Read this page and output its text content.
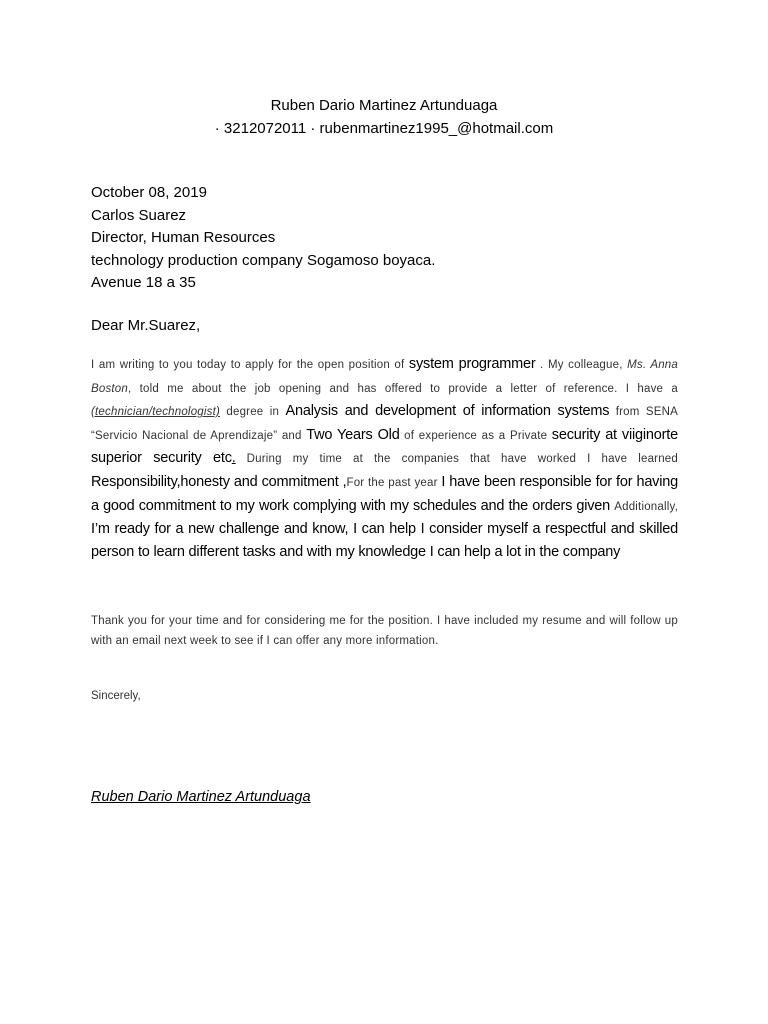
Ruben Dario Martinez Artunduaga
· 3212072011 · rubenmartinez1995_@hotmail.com
October 08, 2019
Carlos Suarez
Director, Human Resources
technology production company Sogamoso boyaca.
Avenue 18 a 35
Dear Mr.Suarez,
I am writing to you today to apply for the open position of system programmer . My colleague, Ms. Anna Boston, told me about the job opening and has offered to provide a letter of reference. I have a (technician/technologist) degree in Analysis and development of information systems from SENA “Servicio Nacional de Aprendizaje” and Two Years Old of experience as a Private security at viiginorte superior security etc. During my time at the companies that have worked I have learned Responsibility,honesty and commitment ,For the past year I have been responsible for for having a good commitment to my work complying with my schedules and the orders given Additionally, I’m ready for a new challenge and know, I can help I consider myself a respectful and skilled person to learn different tasks and with my knowledge I can help a lot in the company
Thank you for your time and for considering me for the position. I have included my resume and will follow up with an email next week to see if I can offer any more information.
Sincerely,
Ruben Dario Martinez Artunduaga
